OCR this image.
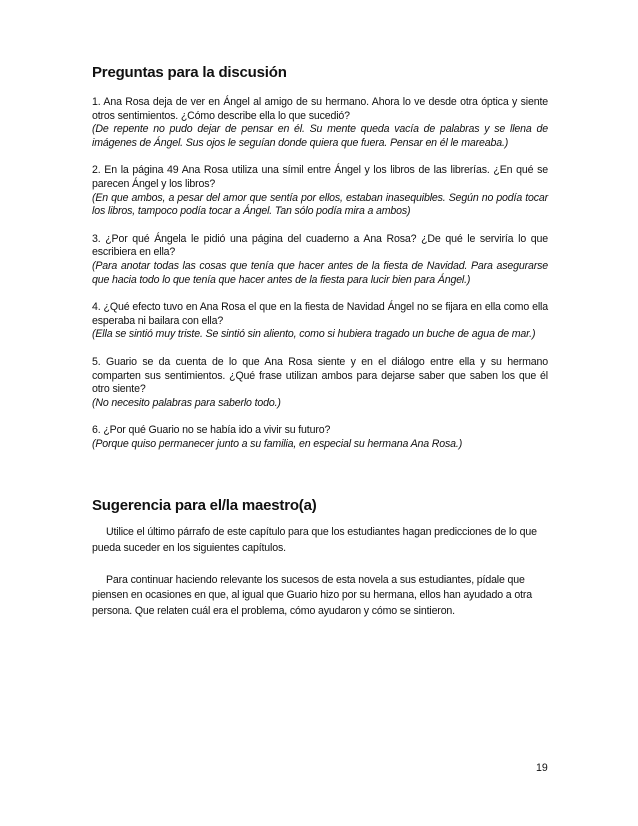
Preguntas para la discusión

1. Ana Rosa deja de ver en Ángel al amigo de su hermano. Ahora lo ve desde otra óptica y siente otros sentimientos. ¿Cómo describe ella lo que sucedió?

(De repente no pudo dejar de pensar en él. Su mente queda vacía de palabras y se llena de imágenes de Ángel. Sus ojos le seguían donde quiera que fuera. Pensar en él le mareaba.)

2. En la página 49 Ana Rosa utiliza una símil entre Ángel y los libros de las librerías. ¿En qué se parecen Ángel y los libros?

(En que ambos, a pesar del amor que sentía por ellos, estaban inasequibles. Según no podía tocar los libros, tampoco podía tocar a Ángel. Tan sólo podía mira a ambos)

3. ¿Por qué Ángela le pidió una página del cuaderno a Ana Rosa? ¿De qué le serviría lo que escribiera en ella?

(Para anotar todas las cosas que tenía que hacer antes de la fiesta de Navidad. Para asegurarse que hacia todo lo que tenía que hacer antes de la fiesta para lucir bien para Ángel.)

4. ¿Qué efecto tuvo en Ana Rosa el que en la fiesta de Navidad Ángel no se fijara en ella como ella esperaba ni bailara con ella?

(Ella se sintió muy triste. Se sintió sin aliento, como si hubiera tragado un buche de agua de mar.)

5. Guario se da cuenta de lo que Ana Rosa siente y en el diálogo entre ella y su hermano comparten sus sentimientos. ¿Qué frase utilizan ambos para dejarse saber que saben los que él otro siente?

(No necesito palabras para saberlo todo.)

6. ¿Por qué Guario no se había ido a vivir su futuro?

(Porque quiso permanecer junto a su familia, en especial su hermana Ana Rosa.)

Sugerencia para el/la maestro(a)

Utilice el último párrafo de este capítulo para que los estudiantes hagan predicciones de lo que pueda suceder en los siguientes capítulos.

Para continuar haciendo relevante los sucesos de esta novela a sus estudiantes, pídale que piensen en ocasiones en que, al igual que Guario hizo por su hermana, ellos han ayudado a otra persona. Que relaten cuál era el problema, cómo ayudaron y cómo se sintieron.

19
